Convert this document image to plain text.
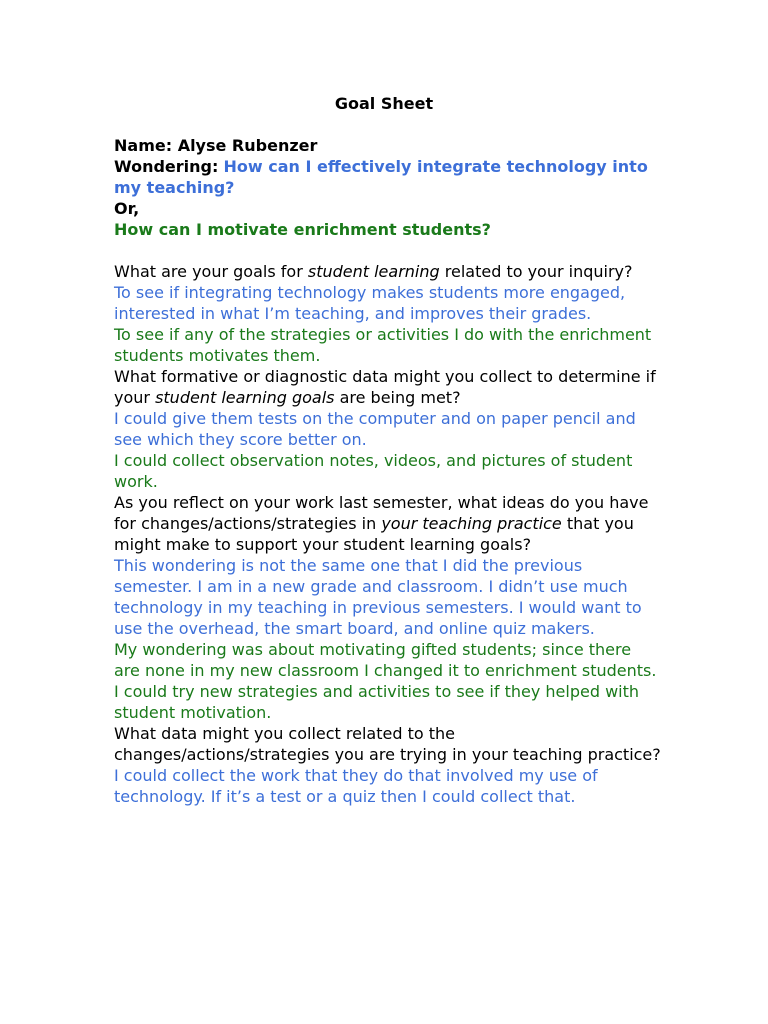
Goal Sheet

Name: Alyse Rubenzer

Wondering: How can I effectively integrate technology into my teaching?

Or,

How can I motivate enrichment students?

What are your goals for student learning related to your inquiry?

To see if integrating technology makes students more engaged, interested in what I’m teaching, and improves their grades.

To see if any of the strategies or activities I do with the enrichment students motivates them.

What formative or diagnostic data might you collect to determine if your student learning goals are being met?

I could give them tests on the computer and on paper pencil and see which they score better on.

I could collect observation notes, videos, and pictures of student work.

As you reflect on your work last semester, what ideas do you have for changes/actions/strategies in your teaching practice that you might make to support your student learning goals?

This wondering is not the same one that I did the previous semester. I am in a new grade and classroom. I didn’t use much technology in my teaching in previous semesters. I would want to use the overhead, the smart board, and online quiz makers.

My wondering was about motivating gifted students; since there are none in my new classroom I changed it to enrichment students. I could try new strategies and activities to see if they helped with student motivation.

What data might you collect related to the changes/actions/strategies you are trying in your teaching practice?

I could collect the work that they do that involved my use of technology. If it’s a test or a quiz then I could collect that.
